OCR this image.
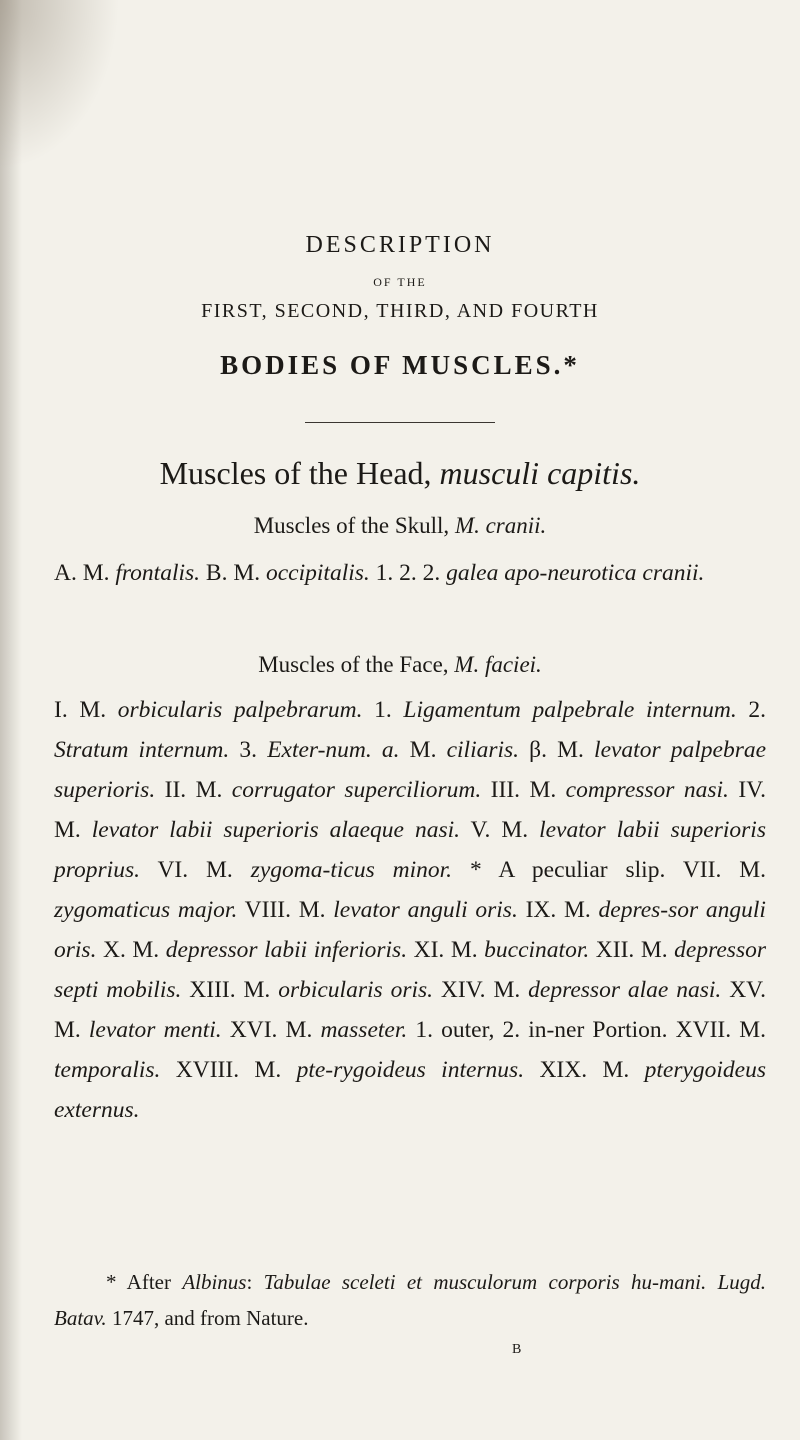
DESCRIPTION
OF THE
FIRST, SECOND, THIRD, AND FOURTH
BODIES OF MUSCLES.*
Muscles of the Head, musculi capitis.
Muscles of the Skull, M. cranii.
A. M. frontalis. B. M. occipitalis. 1. 2. 2. galea apo-neurotica cranii.
Muscles of the Face, M. faciei.
I. M. orbicularis palpebrarum. 1. Ligamentum palpebrale internum. 2. Stratum internum. 3. Exter-num. a. M. ciliaris. β. M. levator palpebrae superioris. II. M. corrugator superciliorum. III. M. compressor nasi. IV. M. levator labii superioris alaeque nasi. V. M. levator labii superioris proprius. VI. M. zygoma-ticus minor. * A peculiar slip. VII. M. zygomaticus major. VIII. M. levator anguli oris. IX. M. depres-sor anguli oris. X. M. depressor labii inferioris. XI. M. buccinator. XII. M. depressor septi mobilis. XIII. M. orbicularis oris. XIV. M. depressor alae nasi. XV. M. levator menti. XVI. M. masseter. 1. outer, 2. in-ner Portion. XVII. M. temporalis. XVIII. M. pte-rygoideus internus. XIX. M. pterygoideus externus.
* After Albinus: Tabulae sceleti et musculorum corporis hu-mani. Lugd. Batav. 1747, and from Nature.
B
